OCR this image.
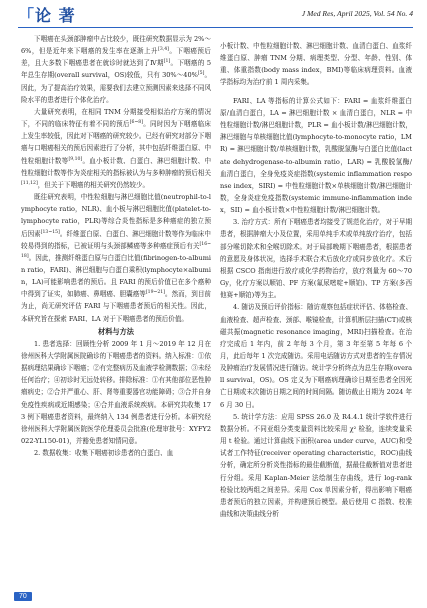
「论 著	J Med Res, April 2025, Vol. 54 No. 4

下咽癌在头颈部肿瘤中占比较少，既往研究数据显示为 2%～6%，但是近年来下咽癌的发生率在逐渐上升[3,4]。下咽癌预后差，且大多数下咽癌患者在就诊时就达到了Ⅳ期[1]。下咽癌的 5 年总生存期(overall survival，OS)较低，只有 30%～40%[5]。因此，为了提高治疗效果，需要我们去建立预测因素来选择不同风险水平的患者进行个体化治疗。

大量研究表明，在相同 TNM 分期接受相似治疗方案的情况下，不同的临床特征有着不同的预后[6~8]。同时因为下咽癌临床上发生率较低，因此对下咽癌的研究较少。已经有研究对部分下咽癌与口咽癌相关的预后因素进行了分析，其中包括纤维蛋白原、中性粒细胞计数等[9,10]。血小板计数、白蛋白、淋巴细胞计数、中性粒细胞计数等作为炎症相关的指标被认为与多种肿瘤的预后相关[11,12]，但关于下咽癌的相关研究仍然较少。

既往研究表明，中性粒细胞与淋巴细胞比值(neutrophil-to-lymphocyte ratio，NLR)、血小板与淋巴细胞比值(platelet-to-lymphocyte ratio，PLR)等综合炎性指标是多种癌症的独立预后因素[13~15]。纤维蛋白原、白蛋白、淋巴细胞计数等作为临床中较易得到的指标，已被证明与头颈部鳞癌等多种癌症预后有关[16~18]。因此，推测纤维蛋白原与白蛋白比值(fibrinogen-to-albumin ratio，FARI)、淋巴细胞与白蛋白乘积(lymphocyte×albumin，LA)可能影响患者的预后。且 FARI 的预后价值已在多个癌种中得到了证实，如肺癌、鼻咽癌、胆囊癌等[19~21]。然而，到目前为止，尚无研究评估 FARI 与下咽癌患者预后的相关性。因此，本研究旨在探索 FARI、LA 对于下咽癌患者的预后价值。

材料与方法

1. 患者选择：回顾性分析 2009 年 1 月～2019 年 12 月在徐州医科大学附属医院确诊的下咽癌患者的资料。纳入标准：①依据病理结果确诊下咽癌；②有完整病历及血液学检测数据；③未经任何治疗；④初诊时无远处转移。排除标准：①有其他部位恶性肿瘤病史；②合并严重心、肝、肾等重要器官功能障碍；③合并自身免疫性疾病或近期感染；④合并血液系统疾病。本研究共收集 173 例下咽癌患者资料，最终纳入 134 例患者进行分析。本研究经徐州医科大学附属医院医学伦理委员会批准(伦理审批号：XYFY2022-YL150-01)，并豁免患者知情同意。

2. 数据收集：收集下咽癌初诊患者的白蛋白、血

小板计数、中性粒细胞计数、淋巴细胞计数、血清白蛋白、血浆纤维蛋白原、肿瘤 TNM 分期、病理类型、分型、年龄、性别、体重、体重指数(body mass index，BMI)等临床病理资料。血液学指标均为治疗前 1 周内采集。

FARI、LA 等指标的计算公式如下：FARI = 血浆纤维蛋白原/血清白蛋白，LA = 淋巴细胞计数 × 血清白蛋白，NLR = 中性粒细胞计数/淋巴细胞计数，PLR = 血小板计数/淋巴细胞计数，淋巴细胞与单核细胞比值(lymphocyte-to-monocyte ratio，LMR) = 淋巴细胞计数/单核细胞计数，乳酸脱氢酶与白蛋白比值(lactate dehydrogenase-to-albumin ratio，LAR) = 乳酸脱氢酶/血清白蛋白，全身免疫炎症指数(systemic inflammation response index，SIRI) = 中性粒细胞计数×单核细胞计数/淋巴细胞计数，全身炎症免疫指数(systemic immune-inflammation index，SII) = 血小板计数×中性粒细胞计数/淋巴细胞计数。

3. 治疗方式：所有下咽癌患者均接受了规范化治疗，对于早期患者，根据肿瘤大小及位置，采用单纯手术或单纯放疗治疗，包括部分喉切除术和全喉切除术。对于局部晚期下咽癌患者，根据患者的意愿及身体状况，选择手术联合术后放化疗或同步放化疗。术后根据 CSCO 指南进行放疗或化学药物治疗，放疗剂量为 60～70Gy，化疗方案以顺铂、PF 方案(氟尿嘧啶+顺铂)、TP 方案(多西他赛+顺铂)等为主。

4. 随访及预后评价指标：随访观察包括症状评估、体格检查、血液检查、超声检查、颈部、喉镜检查，计算机断层扫描(CT)或核磁共振(magnetic resonance imaging，MRI)扫描检查。在治疗完成后 1 年内，前 2 年每 3 个月，第 3 年至第 5 年每 6 个月，此后每年 1 次完成随访。采用电话随访方式对患者的生存情况及肿瘤治疗发展情况进行随访。统计学分析终点为总生存期(overall survival，OS)。OS 定义为下咽癌病理确诊日期至患者全因死亡日期或末次随访日期之间的时间间隔。随访截止日期为 2024 年 6 月 30 日。

5. 统计学方法：应用 SPSS 26.0 及 R4.4.1 统计学软件进行数据分析。不同亚组分类变量资料比较采用 χ² 检验，连续变量采用 t 检验。通过计算曲线下面积(area under curve，AUC)和受试者工作特征(receiver operating characteristic，ROC)曲线分析，确定所分析炎性指标的最佳截断值，据最佳截断值对患者进行分组。采用 Kaplan-Meier 法绘制生存曲线，进行 log-rank 检验比较两组之间差异。采用 Cox 单因素分析，得出影响下咽癌患者预后的独立因素，并构建预后模型。最后使用 C 指数、校准曲线和决策曲线分析

70
